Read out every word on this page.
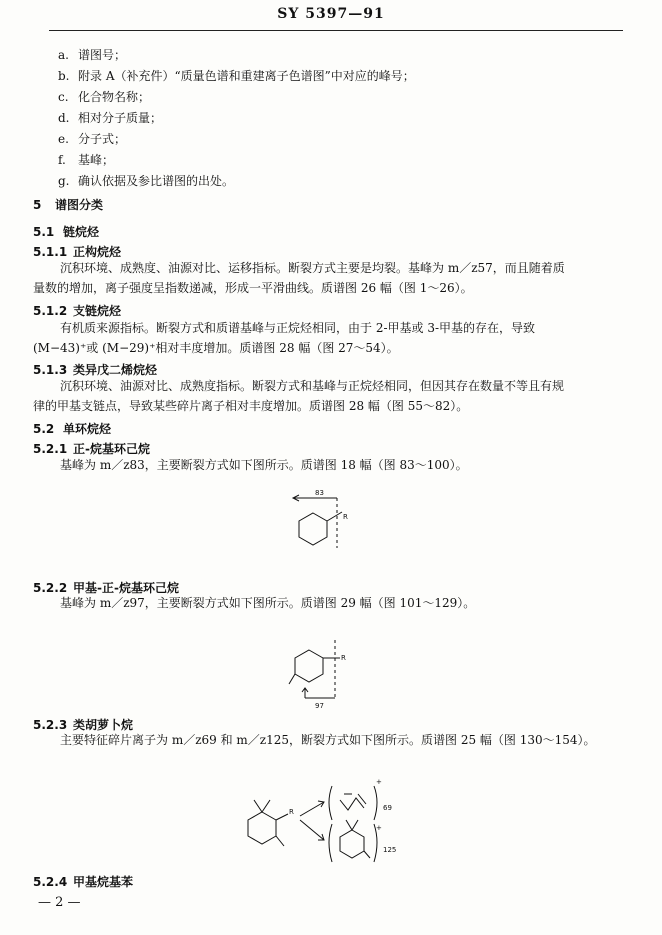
SY 5397—91
a. 谱图号；
b. 附录 A（补充件）“质量色谱和重建离子色谱图”中对应的峰号；
c. 化合物名称；
d. 相对分子质量；
e. 分子式；
f. 基峰；
g. 确认依据及参比谱图的出处。
5 谱图分类
5.1 链烷烃
5.1.1 正构烷烃
沉积环境、成熟度、油源对比、运移指标。断裂方式主要是均裂。基峰为 m／z57，而且随着质
量数的增加，离子强度呈指数递减，形成一平滑曲线。质谱图 26 幅（图 1～26）。
5.1.2 支链烷烃
有机质来源指标。断裂方式和质谱基峰与正烷烃相同，由于 2-甲基或 3-甲基的存在，导致
(M−43)⁺或 (M−29)⁺相对丰度增加。质谱图 28 幅（图 27～54）。
5.1.3 类异戊二烯烷烃
沉积环境、油源对比、成熟度指标。断裂方式和基峰与正烷烃相同，但因其存在数量不等且有规
律的甲基支链点，导致某些碎片离子相对丰度增加。质谱图 28 幅（图 55～82）。
5.2 单环烷烃
5.2.1 正-烷基环己烷
基峰为 m／z83，主要断裂方式如下图所示。质谱图 18 幅（图 83～100）。
83
R
5.2.2 甲基-正-烷基环己烷
基峰为 m／z97，主要断裂方式如下图所示。质谱图 29 幅（图 101～129）。
R
97
5.2.3 类胡萝卜烷
主要特征碎片离子为 m／z69 和 m／z125，断裂方式如下图所示。质谱图 25 幅（图 130～154）。
R
+
69
+
125
5.2.4 甲基烷基苯
— 2 —
